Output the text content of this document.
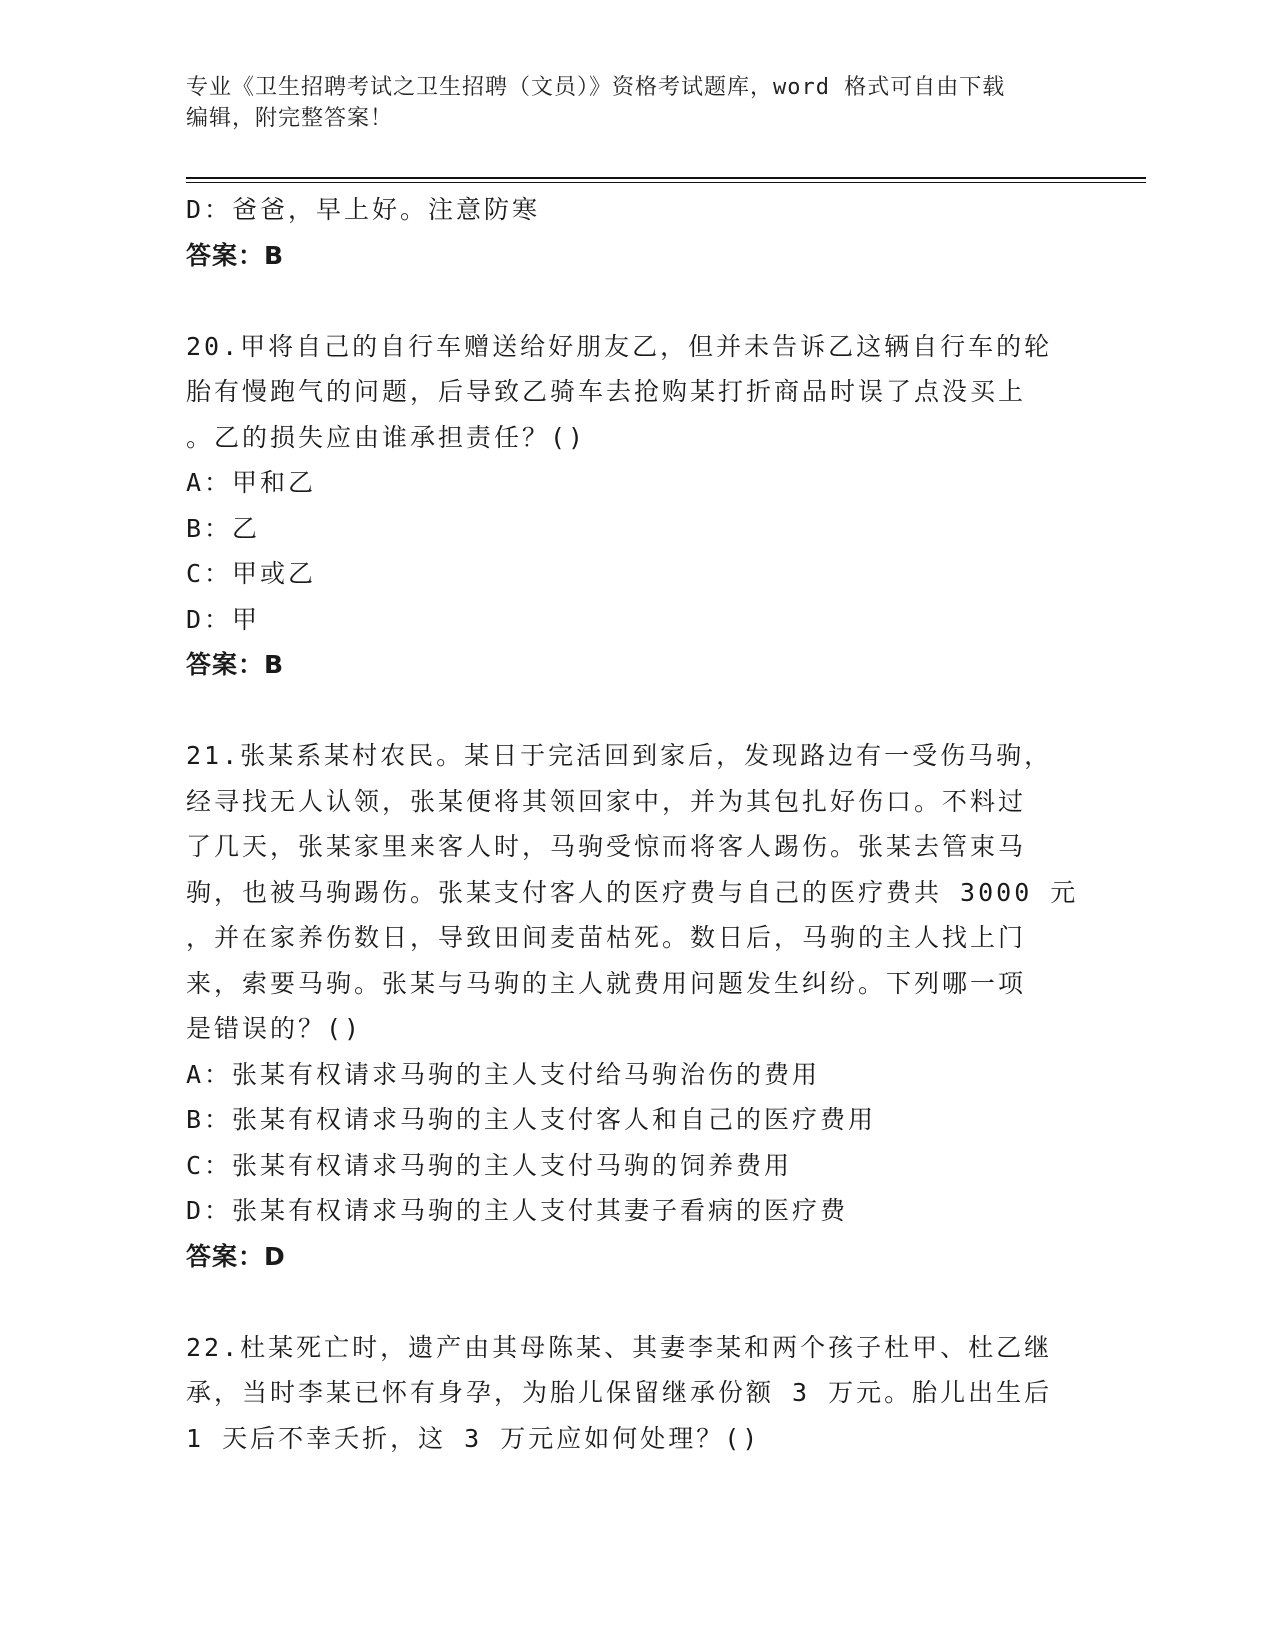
专业《卫生招聘考试之卫生招聘（文员）》资格考试题库，word 格式可自由下载
编辑，附完整答案！
D：爸爸，早上好。注意防寒
答案：B
20.甲将自己的自行车赠送给好朋友乙，但并未告诉乙这辆自行车的轮
胎有慢跑气的问题，后导致乙骑车去抢购某打折商品时误了点没买上
。乙的损失应由谁承担责任？()
A：甲和乙
B：乙
C：甲或乙
D：甲
答案：B
21.张某系某村农民。某日于完活回到家后，发现路边有一受伤马驹，
经寻找无人认领，张某便将其领回家中，并为其包扎好伤口。不料过
了几天，张某家里来客人时，马驹受惊而将客人踢伤。张某去管束马
驹，也被马驹踢伤。张某支付客人的医疗费与自己的医疗费共 3000 元
，并在家养伤数日，导致田间麦苗枯死。数日后，马驹的主人找上门
来，索要马驹。张某与马驹的主人就费用问题发生纠纷。下列哪一项
是错误的？()
A：张某有权请求马驹的主人支付给马驹治伤的费用
B：张某有权请求马驹的主人支付客人和自己的医疗费用
C：张某有权请求马驹的主人支付马驹的饲养费用
D：张某有权请求马驹的主人支付其妻子看病的医疗费
答案：D
22.杜某死亡时，遗产由其母陈某、其妻李某和两个孩子杜甲、杜乙继
承，当时李某已怀有身孕，为胎儿保留继承份额 3 万元。胎儿出生后
1 天后不幸夭折，这 3 万元应如何处理？()
